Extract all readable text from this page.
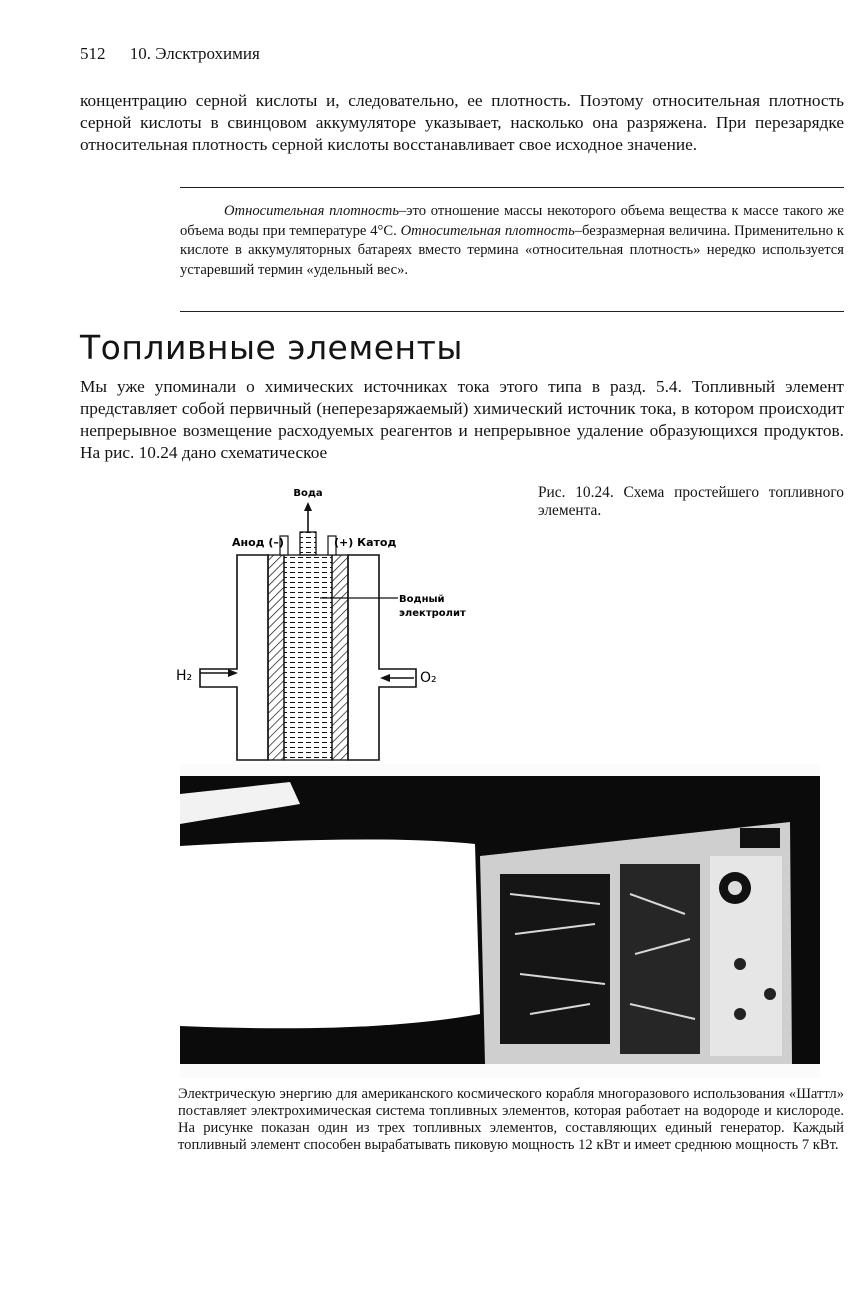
512 10. Элсктрохимия
концентрацию серной кислоты и, следовательно, ее плотность. Поэтому относительная плотность серной кислоты в свинцовом аккумуляторе указывает, насколько она разряжена. При перезарядке относительная плотность серной кислоты восстанавливает свое исходное значение.
Относительная плотность–это отношение массы некоторого объема вещества к массе такого же объема воды при температуре 4°С. Относительная плотность–безразмерная величина. Применительно к кислоте в аккумуляторных батареях вместо термина «относительная плотность» нередко используется устаревший термин «удельный вес».
Топливные элементы
Мы уже упоминали о химических источниках тока этого типа в разд. 5.4. Топливный элемент представляет собой первичный (неперезаряжаемый) химический источник тока, в котором происходит непрерывное возмещение расходуемых реагентов и непрерывное удаление образующихся продуктов. На рис. 10.24 дано схематическое
Вода
Анод (–)	(+) Катод
Водный
электролит
H₂	O₂
Рис. 10.24. Схема простейшего топливного элемента.
Электрическую энергию для американского космического корабля многоразового использования «Шаттл» поставляет электрохимическая система топливных элементов, которая работает на водороде и кислороде. На рисунке показан один из трех топливных элементов, составляющих единый генератор. Каждый топливный элемент способен вырабатывать пиковую мощность 12 кВт и имеет среднюю мощность 7 кВт.
